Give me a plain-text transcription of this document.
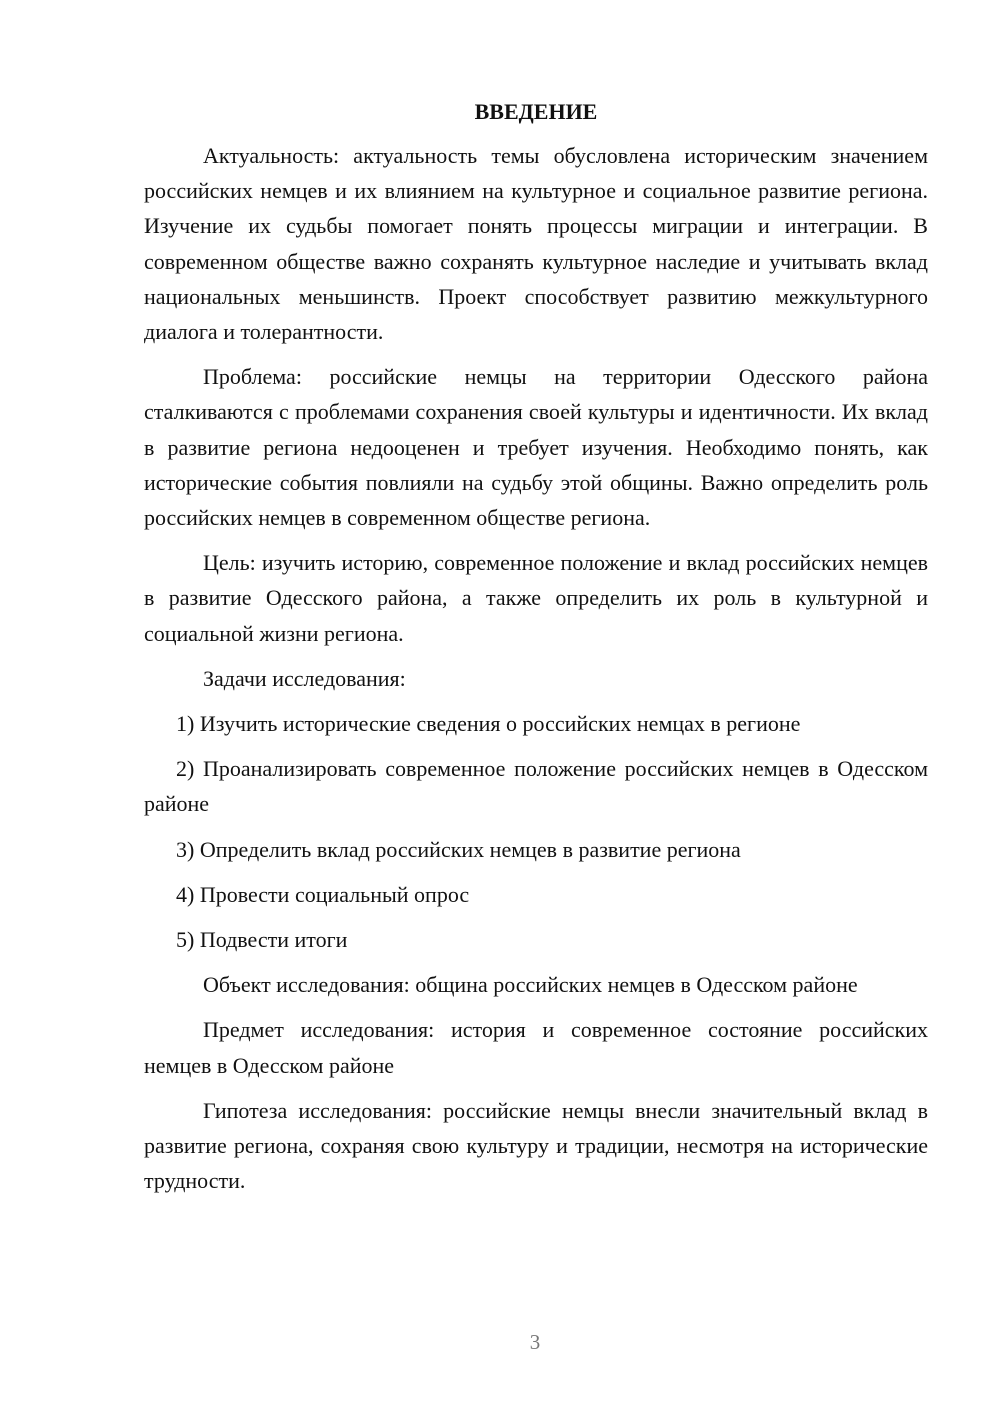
ВВЕДЕНИЕ

Актуальность: актуальность темы обусловлена историческим значением российских немцев и их влиянием на культурное и социальное развитие региона. Изучение их судьбы помогает понять процессы миграции и интеграции. В современном обществе важно сохранять культурное наследие и учитывать вклад национальных меньшинств. Проект способствует развитию межкультурного диалога и толерантности.

Проблема: российские немцы на территории Одесского района сталкиваются с проблемами сохранения своей культуры и идентичности. Их вклад в развитие региона недооценен и требует изучения. Необходимо понять, как исторические события повлияли на судьбу этой общины. Важно определить роль российских немцев в современном обществе региона.

Цель: изучить историю, современное положение и вклад российских немцев в развитие Одесского района, а также определить их роль в культурной и социальной жизни региона.

Задачи исследования:

1) Изучить исторические сведения о российских немцах в регионе
2) Проанализировать современное положение российских немцев в Одесском районе
3) Определить вклад российских немцев в развитие региона
4) Провести социальный опрос
5) Подвести итоги

Объект исследования: община российских немцев в Одесском районе

Предмет исследования: история и современное состояние российских немцев в Одесском районе

Гипотеза исследования: российские немцы внесли значительный вклад в развитие региона, сохраняя свою культуру и традиции, несмотря на исторические трудности.

3
